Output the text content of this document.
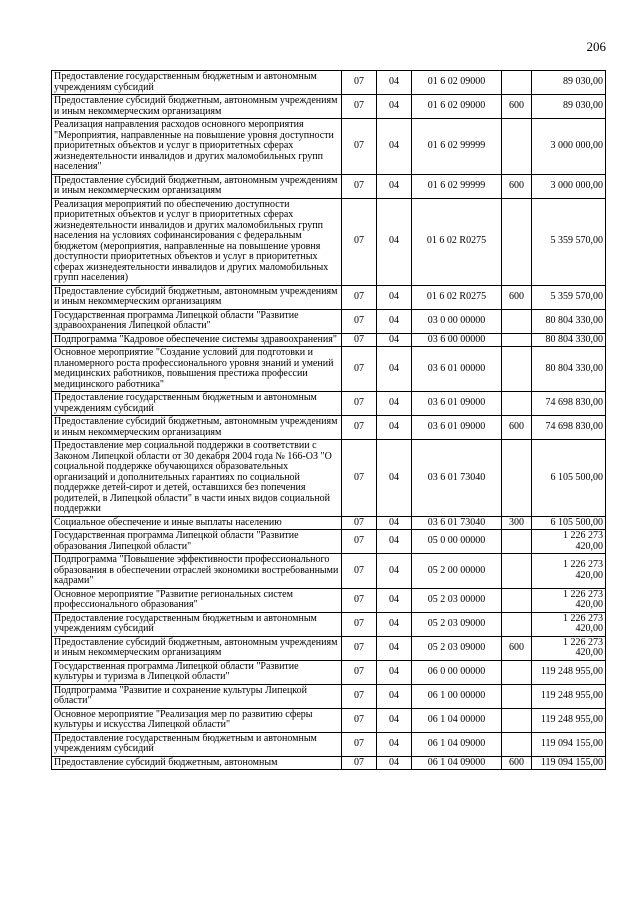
206
Предоставление государственным бюджетным и автономным учреждениям субсидий	07	04	01 6 02 09000		89 030,00
Предоставление субсидий бюджетным, автономным учреждениям и иным некоммерческим организациям	07	04	01 6 02 09000	600	89 030,00
Реализация направления расходов основного мероприятия "Мероприятия, направленные на повышение уровня доступности приоритетных объектов и услуг в приоритетных сферах жизнедеятельности инвалидов и других маломобильных групп населения"	07	04	01 6 02 99999		3 000 000,00
Предоставление субсидий бюджетным, автономным учреждениям и иным некоммерческим организациям	07	04	01 6 02 99999	600	3 000 000,00
Реализация мероприятий по обеспечению доступности приоритетных объектов и услуг в приоритетных сферах жизнедеятельности инвалидов и других маломобильных групп населения на условиях софинансирования с федеральным бюджетом (мероприятия, направленные на повышение уровня доступности приоритетных объектов и услуг в приоритетных сферах жизнедеятельности инвалидов и других маломобильных групп населения)	07	04	01 6 02 R0275		5 359 570,00
Предоставление субсидий бюджетным, автономным учреждениям и иным некоммерческим организациям	07	04	01 6 02 R0275	600	5 359 570,00
Государственная программа Липецкой области "Развитие здравоохранения Липецкой области"	07	04	03 0 00 00000		80 804 330,00
Подпрограмма "Кадровое обеспечение системы здравоохранения"	07	04	03 6 00 00000		80 804 330,00
Основное мероприятие "Создание условий для подготовки и планомерного роста профессионального уровня знаний и умений медицинских работников, повышения престижа профессии медицинского работника"	07	04	03 6 01 00000		80 804 330,00
Предоставление государственным бюджетным и автономным учреждениям субсидий	07	04	03 6 01 09000		74 698 830,00
Предоставление субсидий бюджетным, автономным учреждениям и иным некоммерческим организациям	07	04	03 6 01 09000	600	74 698 830,00
Предоставление мер социальной поддержки в соответствии с Законом Липецкой области от 30 декабря 2004 года № 166-ОЗ "О социальной поддержке обучающихся образовательных организаций и дополнительных гарантиях по социальной поддержке детей-сирот и детей, оставшихся без попечения родителей, в Липецкой области" в части иных видов социальной поддержки	07	04	03 6 01 73040		6 105 500,00
Социальное обеспечение и иные выплаты населению	07	04	03 6 01 73040	300	6 105 500,00
Государственная программа Липецкой области "Развитие образования Липецкой области"	07	04	05 0 00 00000		1 226 273 420,00
Подпрограмма "Повышение эффективности профессионального образования в обеспечении отраслей экономики востребованными кадрами"	07	04	05 2 00 00000		1 226 273 420,00
Основное мероприятие "Развитие региональных систем профессионального образования"	07	04	05 2 03 00000		1 226 273 420,00
Предоставление государственным бюджетным и автономным учреждениям субсидий	07	04	05 2 03 09000		1 226 273 420,00
Предоставление субсидий бюджетным, автономным учреждениям и иным некоммерческим организациям	07	04	05 2 03 09000	600	1 226 273 420,00
Государственная программа Липецкой области "Развитие культуры и туризма в Липецкой области"	07	04	06 0 00 00000		119 248 955,00
Подпрограмма "Развитие и сохранение культуры Липецкой области"	07	04	06 1 00 00000		119 248 955,00
Основное мероприятие "Реализация мер по развитию сферы культуры и искусства Липецкой области"	07	04	06 1 04 00000		119 248 955,00
Предоставление государственным бюджетным и автономным учреждениям субсидий	07	04	06 1 04 09000		119 094 155,00
Предоставление субсидий бюджетным, автономным	07	04	06 1 04 09000	600	119 094 155,00
